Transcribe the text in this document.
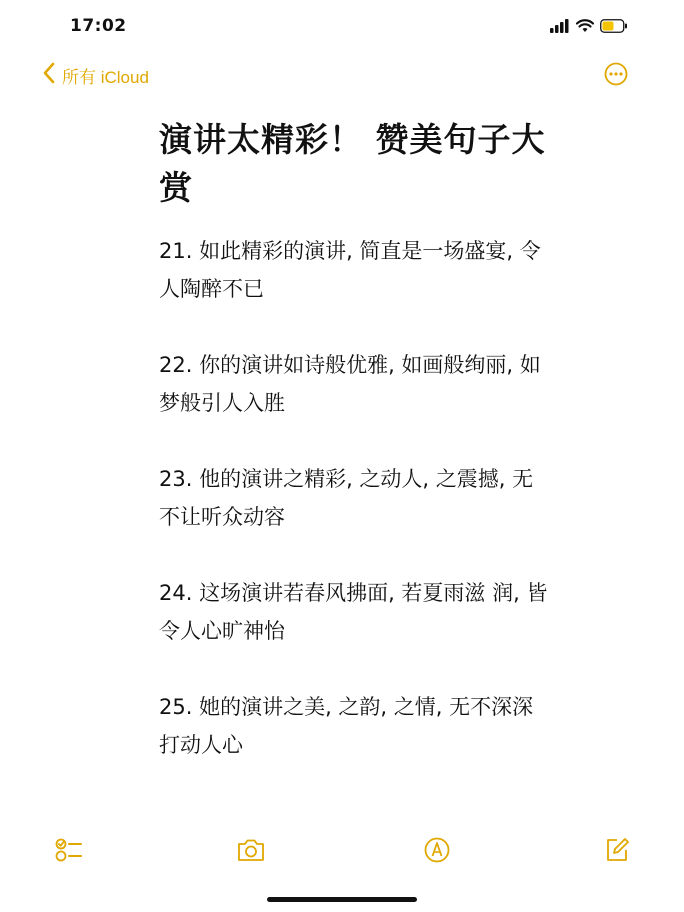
17:02
所有 iCloud
演讲太精彩！ 赞美句子大赏
21. 如此精彩的演讲, 简直是一场盛宴, 令人陶醉不已
22. 你的演讲如诗般优雅, 如画般绚丽, 如梦般引人入胜
23. 他的演讲之精彩, 之动人, 之震撼, 无不让听众动容
24. 这场演讲若春风拂面, 若夏雨滋 润, 皆令人心旷神怡
25. 她的演讲之美, 之韵, 之情, 无不深深打动人心
